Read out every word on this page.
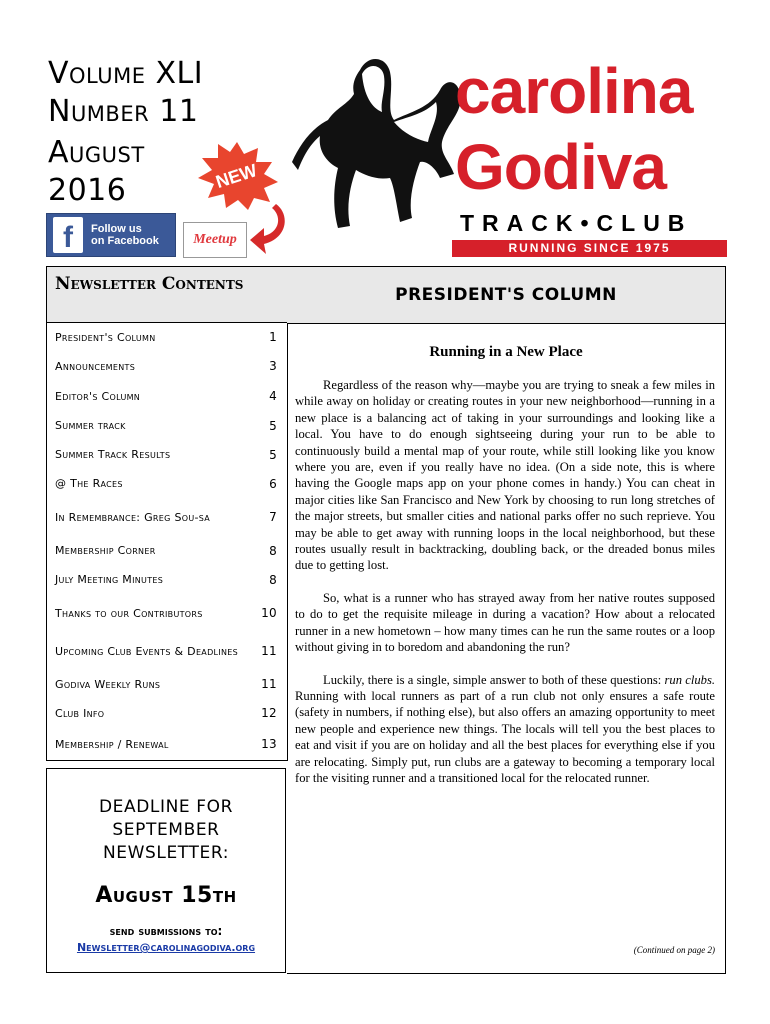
Volume XLI
Number 11
August
2016	NEW
f	Follow us
on Facebook	Meetup
carolina
Godiva
TRACK•CLUB
RUNNING SINCE 1975
Newsletter Contents
President's Column	1
Announcements	3
Editor's Column	4
Summer track	5
Summer Track Results	5
@ The Races	6
In Remembrance: Greg Sou-sa	7
Membership Corner	8
July Meeting Minutes	8
Thanks to our Contributors	10
Upcoming Club Events & Deadlines 11
Godiva Weekly Runs	11
Club Info	12
Membership / Renewal	13
DEADLINE FOR
SEPTEMBER
NEWSLETTER:
August 15th
send submissions to:
Newsletter@carolinagodiva.org
PRESIDENT'S COLUMN
Running in a New Place

Regardless of the reason why—maybe you are trying to sneak a few miles in while away on holiday or creating routes in your new neighborhood—running in a new place is a balancing act of taking in your surroundings and looking like a local. You have to do enough sightseeing during your run to be able to continuously build a mental map of your route, while still looking like you know where you are, even if you really have no idea. (On a side note, this is where having the Google maps app on your phone comes in handy.) You can cheat in major cities like San Francisco and New York by choosing to run long stretches of the major streets, but smaller cities and national parks offer no such reprieve. You may be able to get away with running loops in the local neighborhood, but these routes usually result in backtracking, doubling back, or the dreaded bonus miles due to getting lost.

So, what is a runner who has strayed away from her native routes supposed to do to get the requisite mileage in during a vacation? How about a relocated runner in a new hometown – how many times can he run the same routes or a loop without giving in to boredom and abandoning the run?

Luckily, there is a single, simple answer to both of these questions: run clubs. Running with local runners as part of a run club not only ensures a safe route (safety in numbers, if nothing else), but also offers an amazing opportunity to meet new people and experience new things. The locals will tell you the best places to eat and visit if you are on holiday and all the best places for everything else if you are relocating. Simply put, run clubs are a gateway to becoming a temporary local for the visiting runner and a transitioned local for the relocated runner.

(Continued on page 2)
